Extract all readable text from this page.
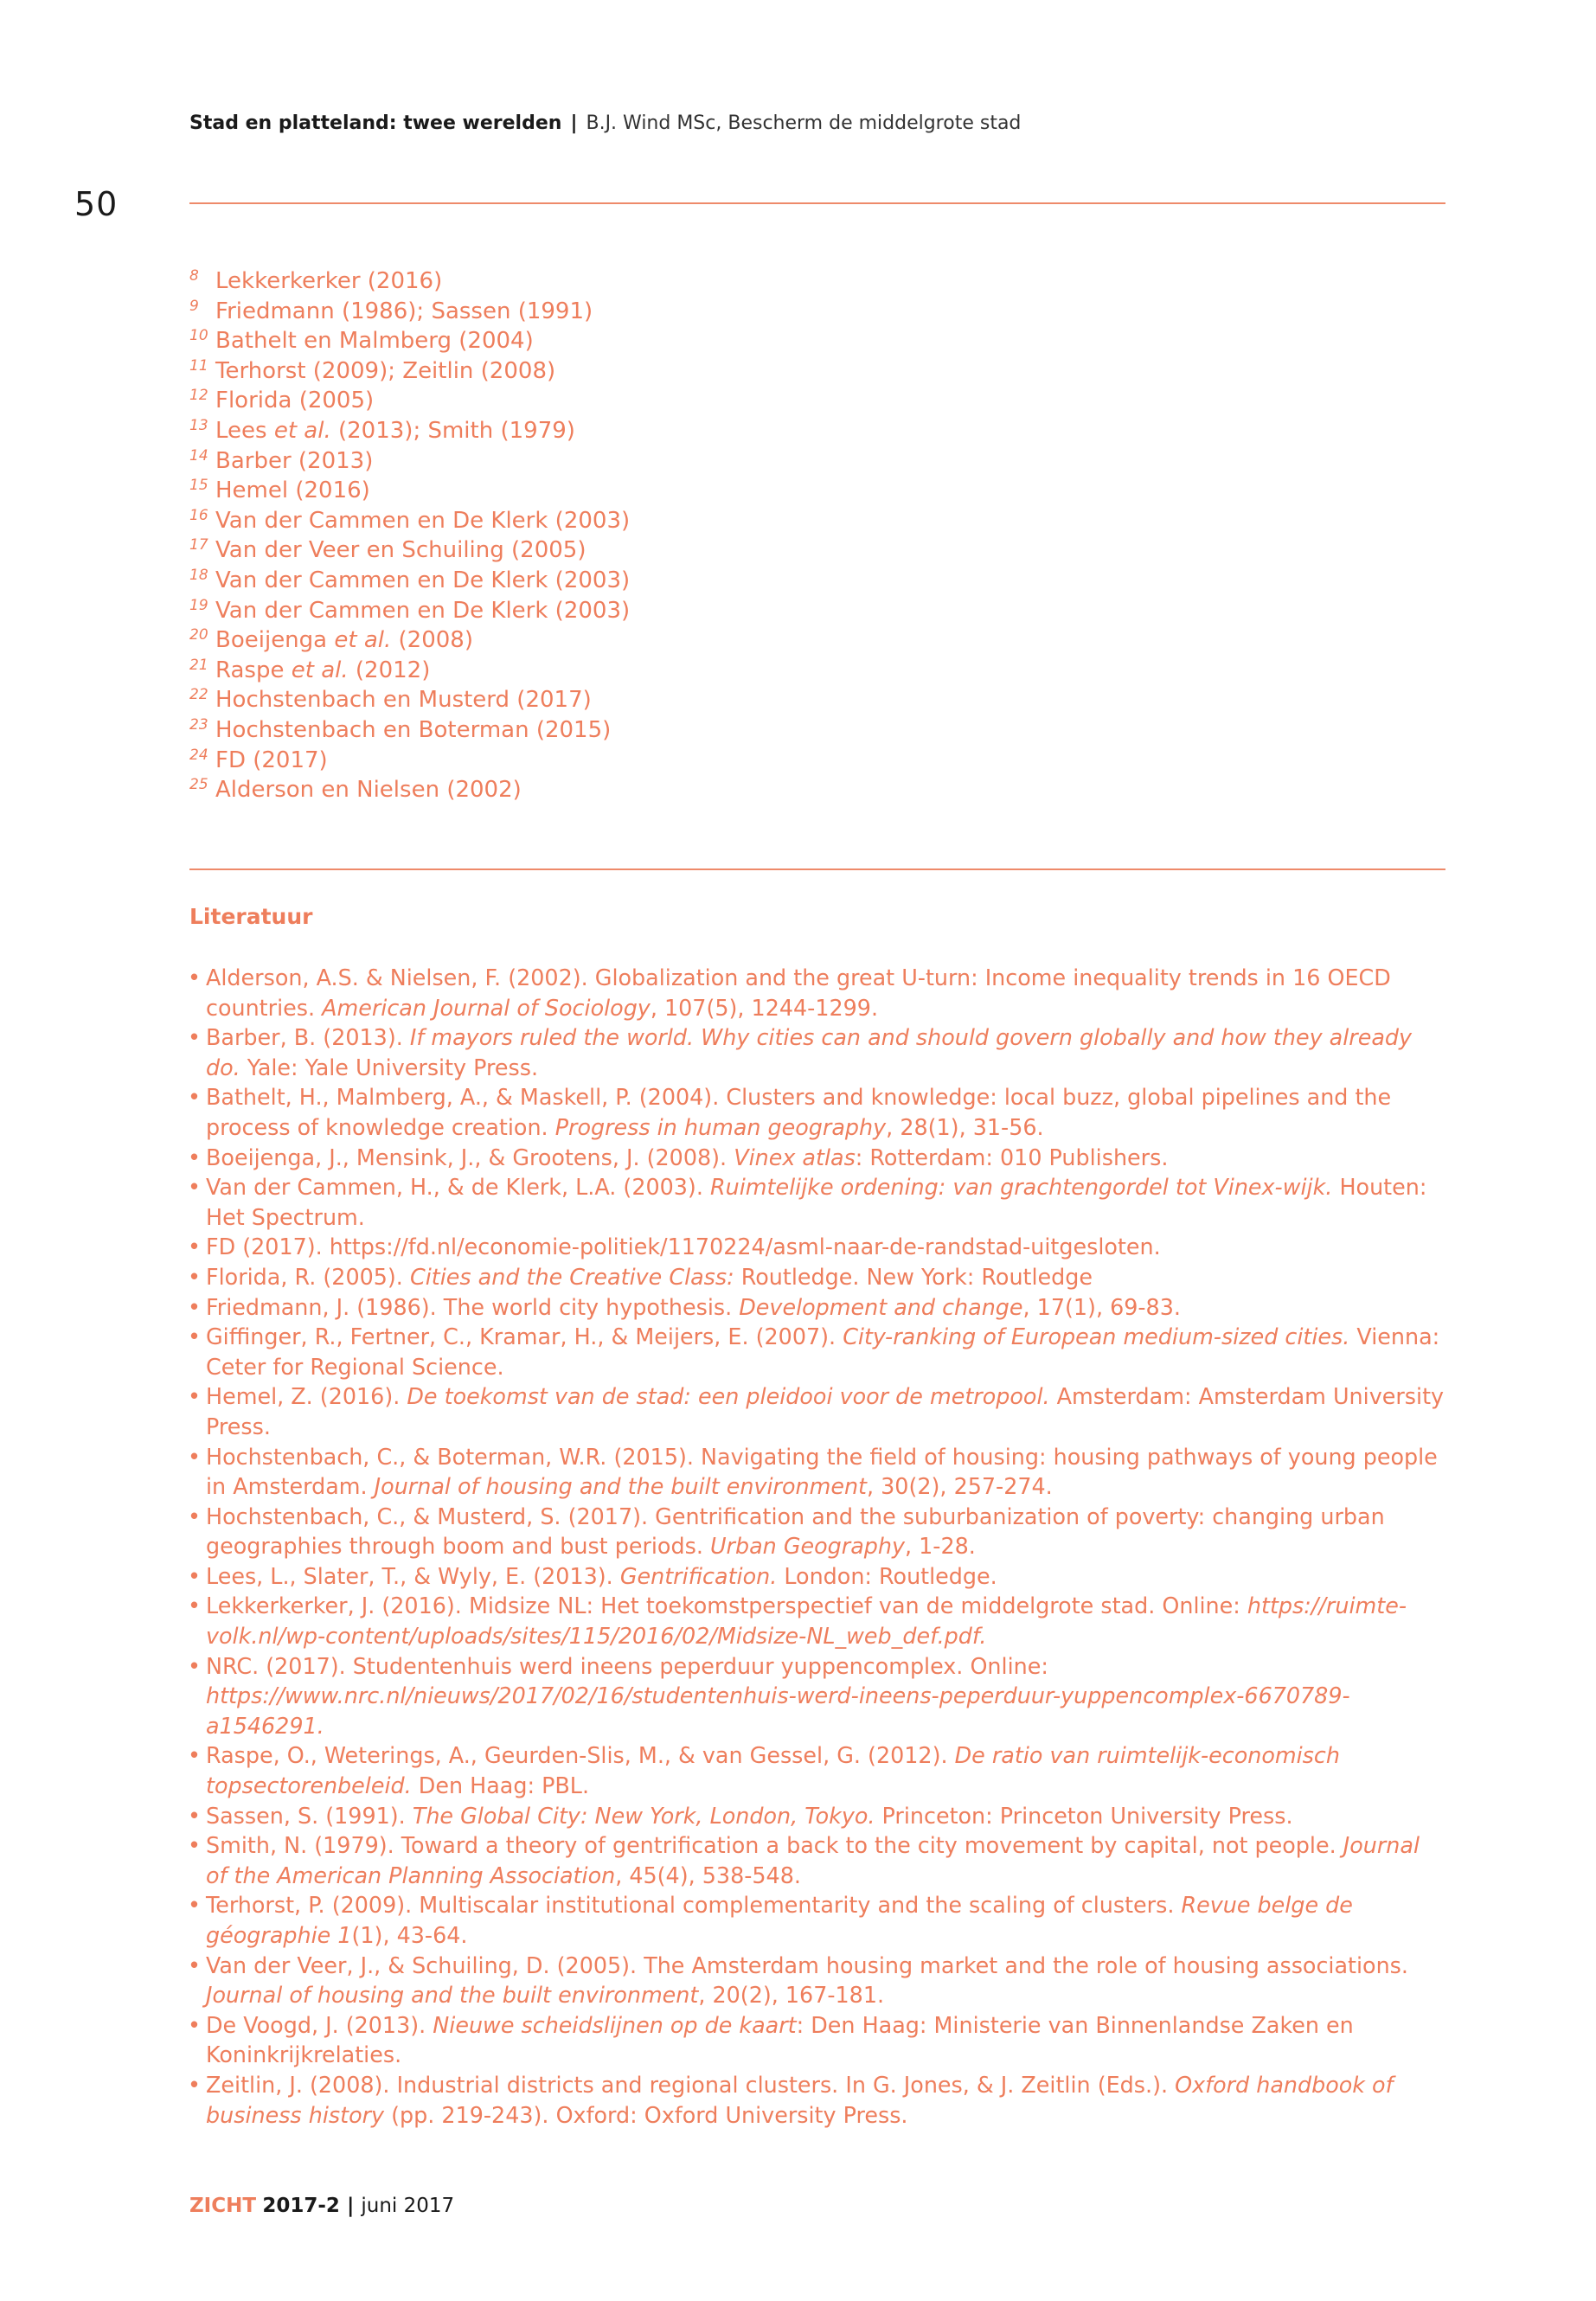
Stad en platteland: twee werelden | B.J. Wind MSc, Bescherm de middelgrote stad
50
8 Lekkerkerker (2016)
9 Friedmann (1986); Sassen (1991)
10 Bathelt en Malmberg (2004)
11 Terhorst (2009); Zeitlin (2008)
12 Florida (2005)
13 Lees et al. (2013); Smith (1979)
14 Barber (2013)
15 Hemel (2016)
16 Van der Cammen en De Klerk (2003)
17 Van der Veer en Schuiling (2005)
18 Van der Cammen en De Klerk (2003)
19 Van der Cammen en De Klerk (2003)
20 Boeijenga et al. (2008)
21 Raspe et al. (2012)
22 Hochstenbach en Musterd (2017)
23 Hochstenbach en Boterman (2015)
24 FD (2017)
25 Alderson en Nielsen (2002)
Literatuur
• Alderson, A.S. & Nielsen, F. (2002). Globalization and the great U-turn: Income inequality trends in 16 OECD countries. American Journal of Sociology, 107(5), 1244-1299.
• Barber, B. (2013). If mayors ruled the world. Why cities can and should govern globally and how they already do. Yale: Yale University Press.
• Bathelt, H., Malmberg, A., & Maskell, P. (2004). Clusters and knowledge: local buzz, global pipelines and the process of knowledge creation. Progress in human geography, 28(1), 31-56.
• Boeijenga, J., Mensink, J., & Grootens, J. (2008). Vinex atlas: Rotterdam: 010 Publishers.
• Van der Cammen, H., & de Klerk, L.A. (2003). Ruimtelijke ordening: van grachtengordel tot Vinex-wijk. Houten: Het Spectrum.
• FD (2017). https://fd.nl/economie-politiek/1170224/asml-naar-de-randstad-uitgesloten.
• Florida, R. (2005). Cities and the Creative Class: Routledge. New York: Routledge
• Friedmann, J. (1986). The world city hypothesis. Development and change, 17(1), 69-83.
• Giffinger, R., Fertner, C., Kramar, H., & Meijers, E. (2007). City-ranking of European medium-sized cities. Vienna: Ceter for Regional Science.
• Hemel, Z. (2016). De toekomst van de stad: een pleidooi voor de metropool. Amsterdam: Amsterdam University Press.
• Hochstenbach, C., & Boterman, W.R. (2015). Navigating the field of housing: housing pathways of young people in Amsterdam. Journal of housing and the built environment, 30(2), 257-274.
• Hochstenbach, C., & Musterd, S. (2017). Gentrification and the suburbanization of poverty: changing urban geographies through boom and bust periods. Urban Geography, 1-28.
• Lees, L., Slater, T., & Wyly, E. (2013). Gentrification. London: Routledge.
• Lekkerkerker, J. (2016). Midsize NL: Het toekomstperspectief van de middelgrote stad. Online: https://ruimte-volk.nl/wp-content/uploads/sites/115/2016/02/Midsize-NL_web_def.pdf.
• NRC. (2017). Studentenhuis werd ineens peperduur yuppencomplex. Online: https://www.nrc.nl/nieuws/2017/02/16/studentenhuis-werd-ineens-peperduur-yuppencomplex-6670789-a1546291.
• Raspe, O., Weterings, A., Geurden-Slis, M., & van Gessel, G. (2012). De ratio van ruimtelijk-economisch topsectorenbeleid. Den Haag: PBL.
• Sassen, S. (1991). The Global City: New York, London, Tokyo. Princeton: Princeton University Press.
• Smith, N. (1979). Toward a theory of gentrification a back to the city movement by capital, not people. Journal of the American Planning Association, 45(4), 538-548.
• Terhorst, P. (2009). Multiscalar institutional complementarity and the scaling of clusters. Revue belge de géographie 1(1), 43-64.
• Van der Veer, J., & Schuiling, D. (2005). The Amsterdam housing market and the role of housing associations. Journal of housing and the built environment, 20(2), 167-181.
• De Voogd, J. (2013). Nieuwe scheidslijnen op de kaart: Den Haag: Ministerie van Binnenlandse Zaken en Koninkrijkrelaties.
• Zeitlin, J. (2008). Industrial districts and regional clusters. In G. Jones, & J. Zeitlin (Eds.). Oxford handbook of business history (pp. 219-243). Oxford: Oxford University Press.
ZICHT 2017-2 | juni 2017
